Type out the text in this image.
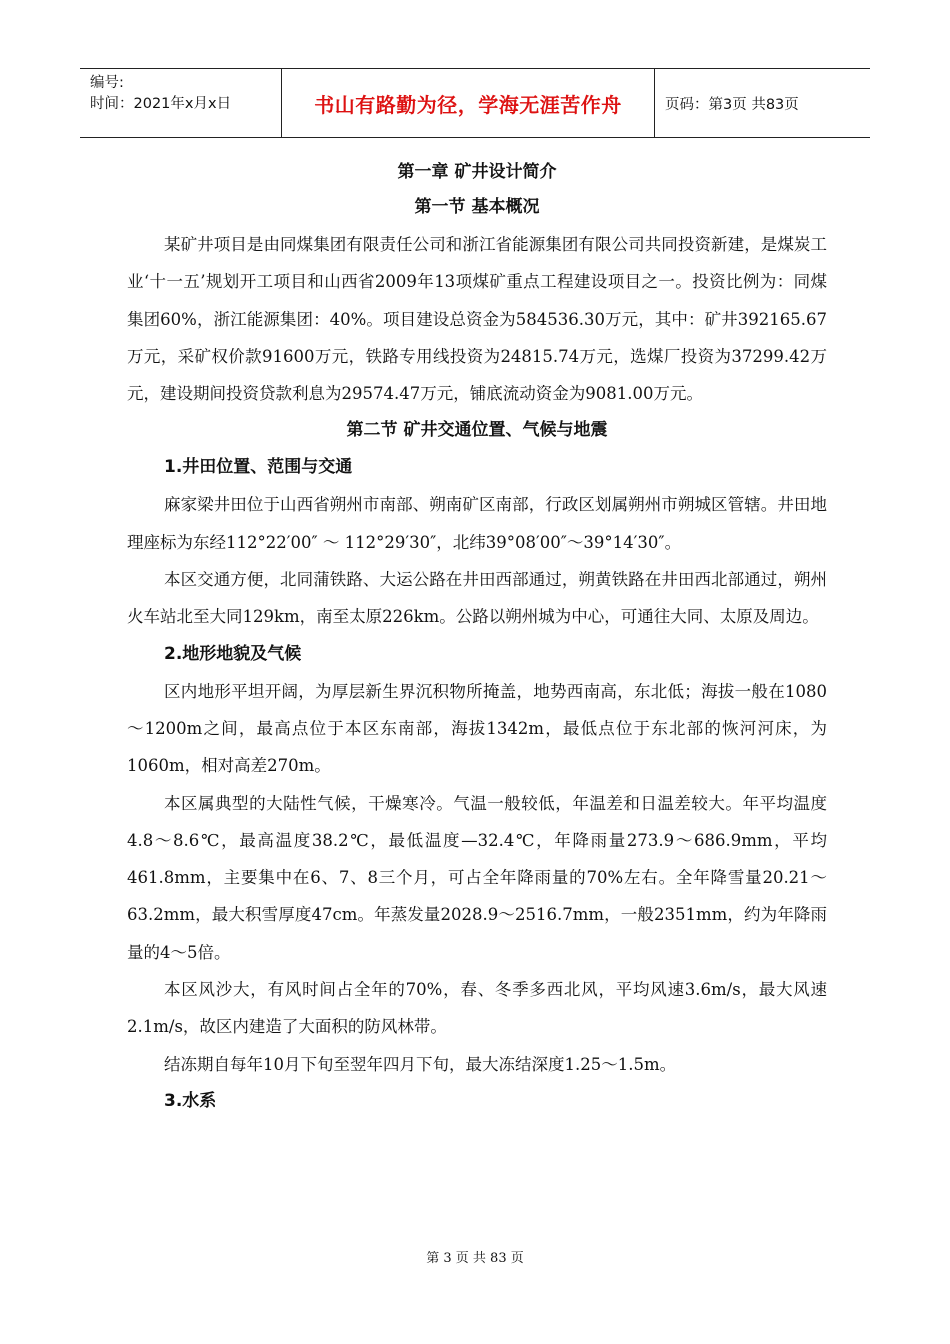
编号:
时间：2021年x月x日	书山有路勤为径，学海无涯苦作舟	页码：第3页 共83页
第一章 矿井设计简介
第一节 基本概况

某矿井项目是由同煤集团有限责任公司和浙江省能源集团有限公司共同投资新建，是煤炭工业‘十一五’规划开工项目和山西省2009年13项煤矿重点工程建设项目之一。投资比例为：同煤集团60%，浙江能源集团：40%。项目建设总资金为584536.30万元，其中：矿井392165.67万元，采矿权价款91600万元，铁路专用线投资为24815.74万元，选煤厂投资为37299.42万元，建设期间投资贷款利息为29574.47万元，铺底流动资金为9081.00万元。

第二节 矿井交通位置、气候与地震
1.井田位置、范围与交通

麻家梁井田位于山西省朔州市南部、朔南矿区南部，行政区划属朔州市朔城区管辖。井田地理座标为东经112°22′00″ ～ 112°29′30″，北纬39°08′00″～39°14′30″。

本区交通方便，北同蒲铁路、大运公路在井田西部通过，朔黄铁路在井田西北部通过，朔州火车站北至大同129km，南至太原226km。公路以朔州城为中心，可通往大同、太原及周边。

2.地形地貌及气候

区内地形平坦开阔，为厚层新生界沉积物所掩盖，地势西南高，东北低；海拔一般在1080～1200m之间，最高点位于本区东南部，海拔1342m，最低点位于东北部的恢河河床，为1060m，相对高差270m。

本区属典型的大陆性气候，干燥寒冷。气温一般较低，年温差和日温差较大。年平均温度4.8～8.6℃，最高温度38.2℃，最低温度—32.4℃，年降雨量273.9～686.9mm，平均461.8mm，主要集中在6、7、8三个月，可占全年降雨量的70%左右。全年降雪量20.21～63.2mm，最大积雪厚度47cm。年蒸发量2028.9～2516.7mm，一般2351mm，约为年降雨量的4～5倍。

本区风沙大，有风时间占全年的70%，春、冬季多西北风，平均风速3.6m/s，最大风速2.1m/s，故区内建造了大面积的防风林带。

结冻期自每年10月下旬至翌年四月下旬，最大冻结深度1.25～1.5m。

3.水系
第 3 页 共 83 页
